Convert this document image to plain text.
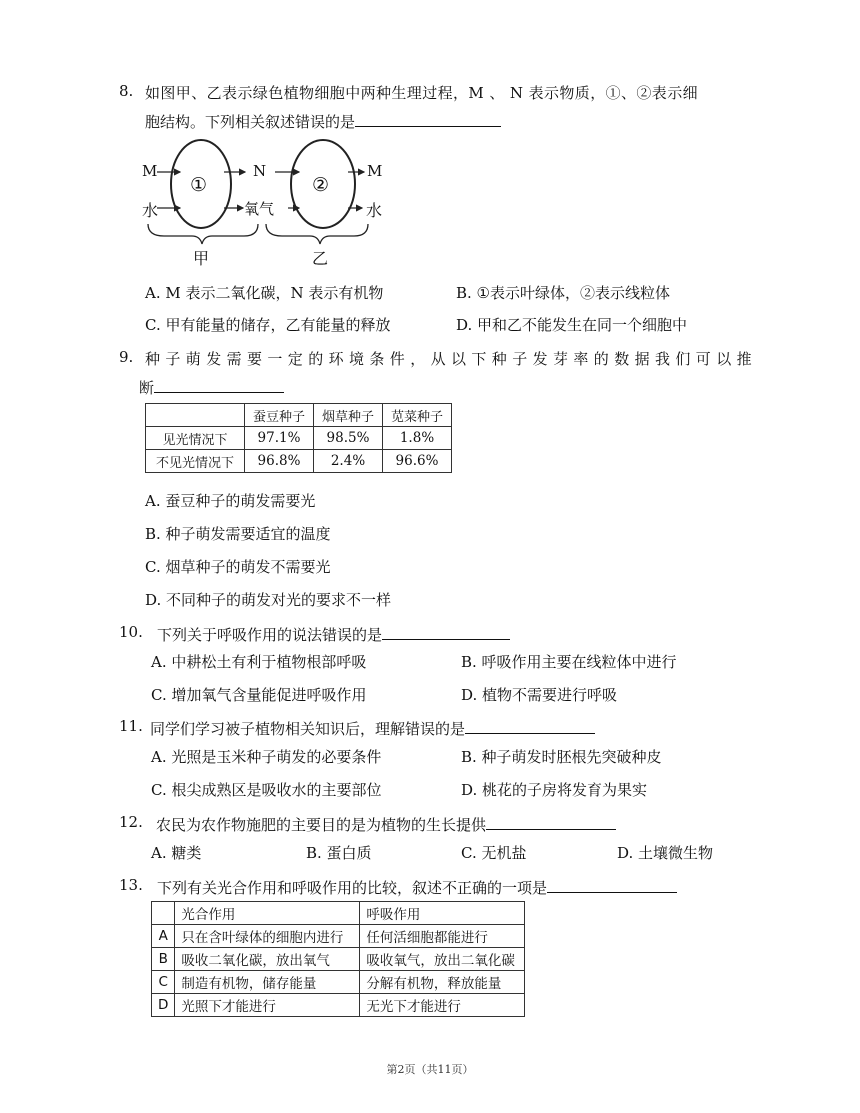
8. 如图甲、乙表示绿色植物细胞中两种生理过程，M 、 N 表示物质，①、②表示细
胞结构。下列相关叙述错误的是
M
水
①
N
氧气
②
M
水
甲	乙
A. M 表示二氧化碳，N 表示有机物	B. ①表示叶绿体，②表示线粒体
C. 甲有能量的储存，乙有能量的释放	D. 甲和乙不能发生在同一个细胞中
9. 种子萌发需要一定的环境条件，从以下种子发芽率的数据我们可以推
断
	蚕豆种子	烟草种子	苋菜种子
见光情况下	97.1%	98.5%	1.8%
不见光情况下	96.8%	2.4%	96.6%
A. 蚕豆种子的萌发需要光
B. 种子萌发需要适宜的温度
C. 烟草种子的萌发不需要光
D. 不同种子的萌发对光的要求不一样
10. 下列关于呼吸作用的说法错误的是
A. 中耕松土有利于植物根部呼吸	B. 呼吸作用主要在线粒体中进行
C. 增加氧气含量能促进呼吸作用	D. 植物不需要进行呼吸
11. 同学们学习被子植物相关知识后，理解错误的是
A. 光照是玉米种子萌发的必要条件	B. 种子萌发时胚根先突破种皮
C. 根尖成熟区是吸收水的主要部位	D. 桃花的子房将发育为果实
12. 农民为农作物施肥的主要目的是为植物的生长提供
A. 糖类	B. 蛋白质	C. 无机盐	D. 土壤微生物
13. 下列有关光合作用和呼吸作用的比较，叙述不正确的一项是
	光合作用	呼吸作用
A	只在含叶绿体的细胞内进行	任何活细胞都能进行
B	吸收二氧化碳，放出氧气	吸收氧气，放出二氧化碳
C	制造有机物，储存能量	分解有机物，释放能量
D	光照下才能进行	无光下才能进行
第2页（共11页）
